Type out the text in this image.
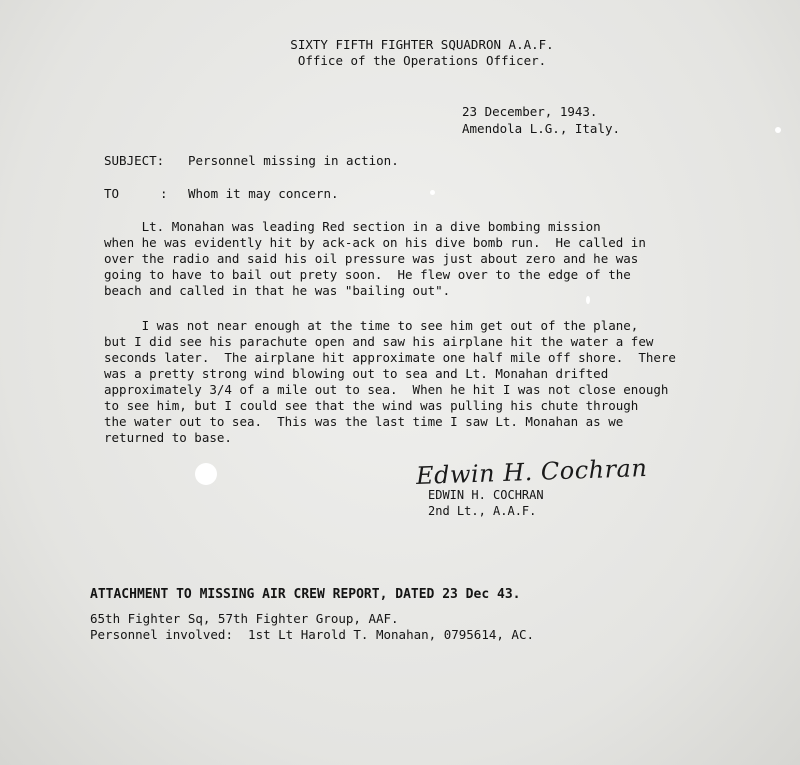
SIXTY FIFTH FIGHTER SQUADRON A.A.F.
Office of the Operations Officer.
23 December, 1943.
Amendola L.G., Italy.
SUBJECT: Personnel missing in action.
TO	: Whom it may concern.
Lt. Monahan was leading Red section in a dive bombing mission
when he was evidently hit by ack-ack on his dive bomb run.  He called in
over the radio and said his oil pressure was just about zero and he was
going to have to bail out prety soon.  He flew over to the edge of the
beach and called in that he was "bailing out".
I was not near enough at the time to see him get out of the plane,
but I did see his parachute open and saw his airplane hit the water a few
seconds later.  The airplane hit approximate one half mile off shore.  There
was a pretty strong wind blowing out to sea and Lt. Monahan drifted
approximately 3/4 of a mile out to sea.  When he hit I was not close enough
to see him, but I could see that the wind was pulling his chute through
the water out to sea.  This was the last time I saw Lt. Monahan as we
returned to base.
Edwin H. Cochran
EDWIN H. COCHRAN
2nd Lt., A.A.F.
ATTACHMENT TO MISSING AIR CREW REPORT, DATED 23 Dec 43.
65th Fighter Sq, 57th Fighter Group, AAF.
Personnel involved:  1st Lt Harold T. Monahan, 0795614, AC.
